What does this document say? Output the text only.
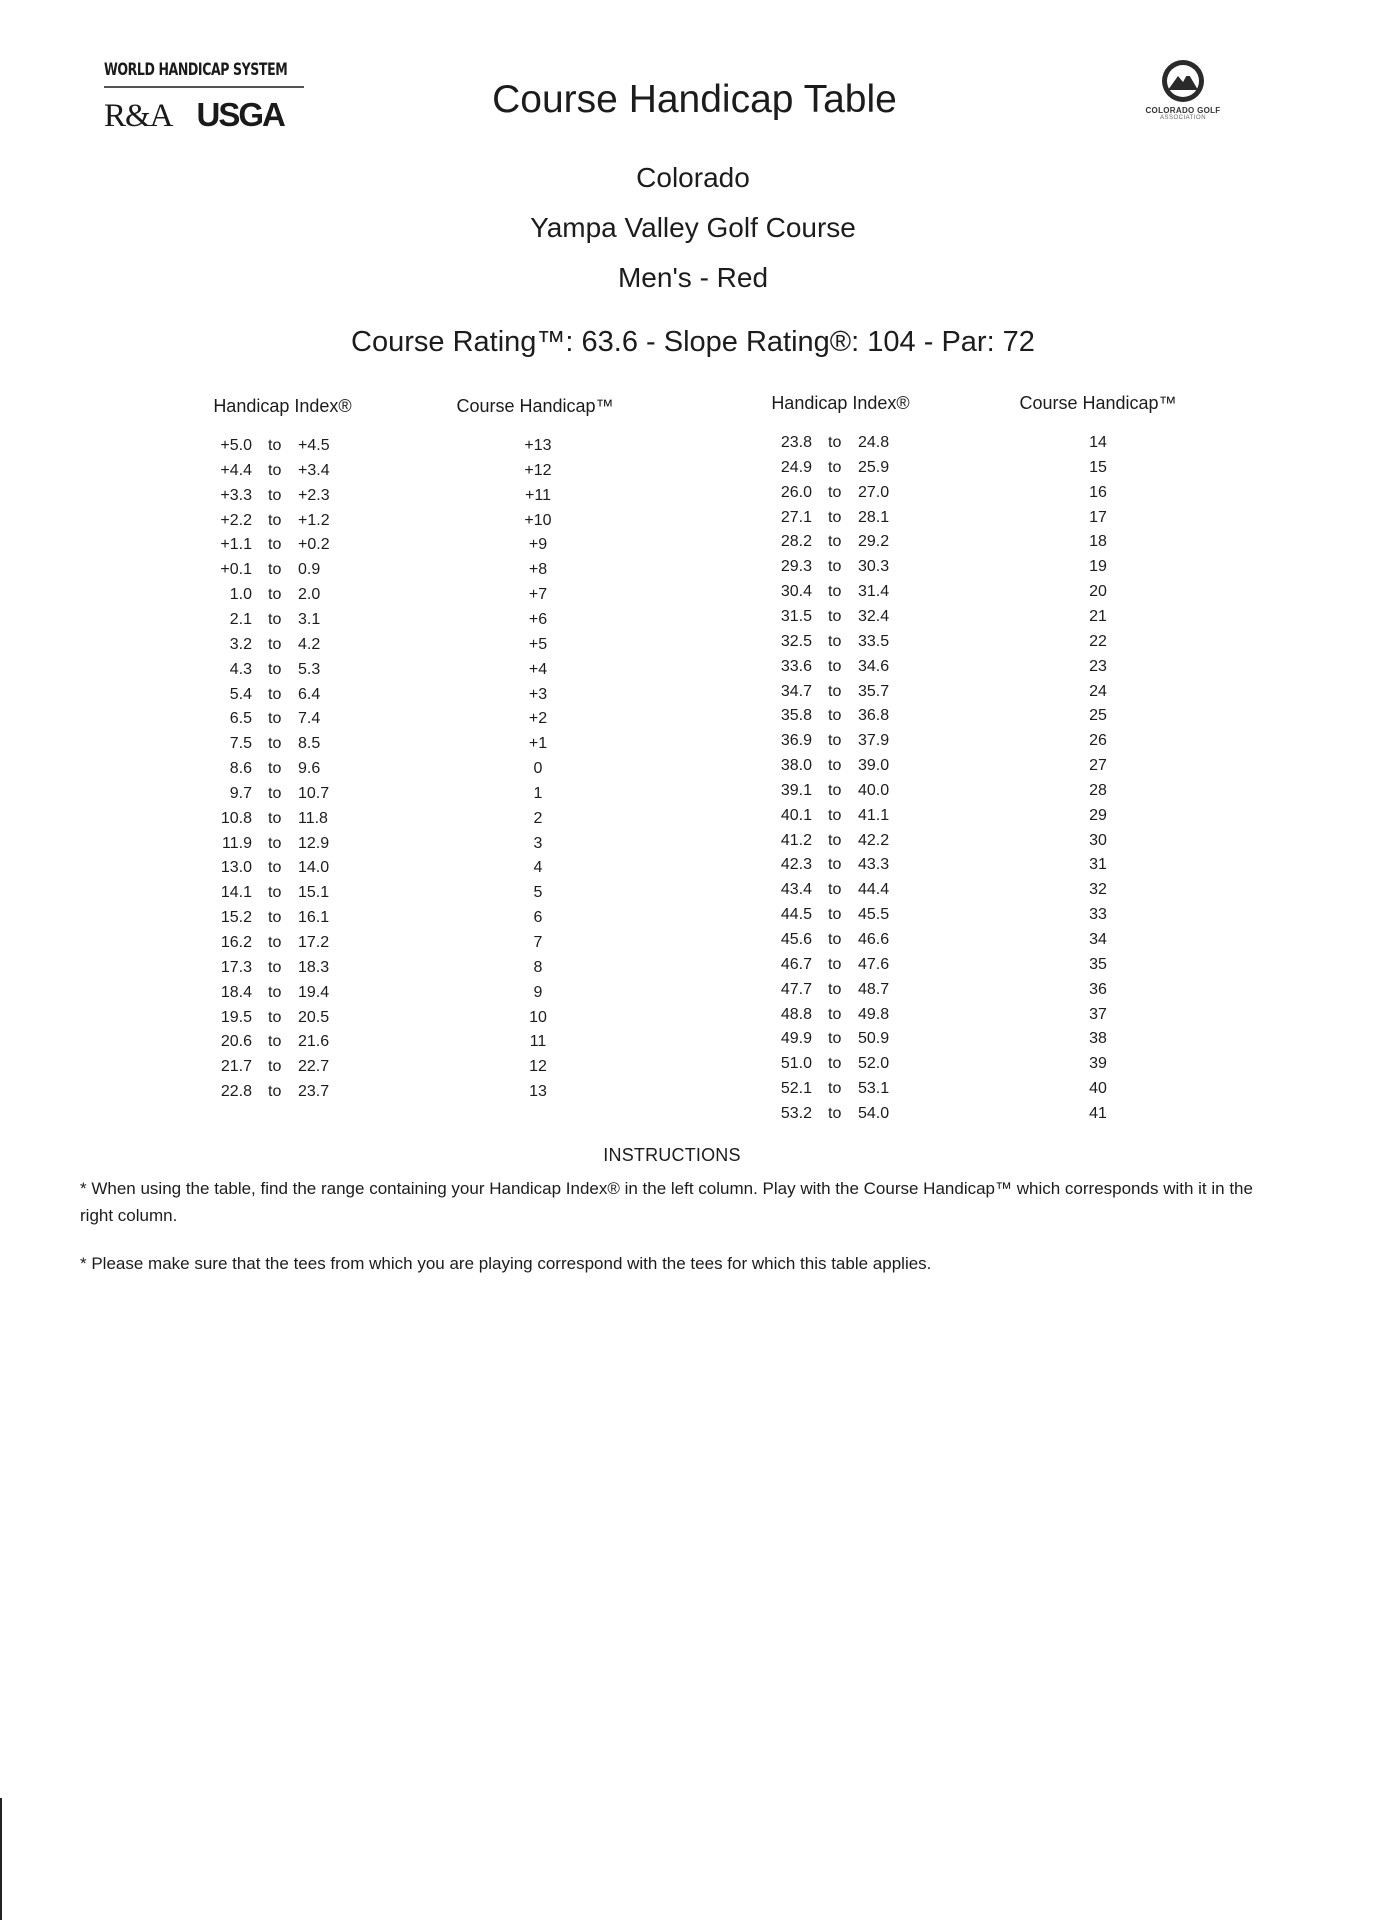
WORLD HANDICAP SYSTEM
R&A USGA	Course Handicap Table	COLORADO GOLF
ASSOCIATION
Colorado
Yampa Valley Golf Course
Men's - Red
Course Rating™: 63.6 - Slope Rating®: 104 - Par: 72
Handicap Index®	Course Handicap™	Handicap Index®	Course Handicap™
+5.0 to	+4.5	+13
+4.4 to	+3.4	+12
+3.3 to	+2.3	+11
+2.2 to	+1.2	+10
+1.1 to	+0.2	+9
+0.1 to	0.9	+8
1.0 to	2.0	+7
2.1 to	3.1	+6
3.2 to	4.2	+5
4.3 to	5.3	+4
5.4 to	6.4	+3
6.5 to	7.4	+2
7.5 to	8.5	+1
8.6 to	9.6	0
9.7 to	10.7	1
10.8 to	11.8	2
11.9 to	12.9	3
13.0 to	14.0	4
14.1 to	15.1	5
15.2 to	16.1	6
16.2 to	17.2	7
17.3 to	18.3	8
18.4 to	19.4	9
19.5 to	20.5	10
20.6 to	21.6	11
21.7 to	22.7	12
22.8 to	23.7	13
23.8 to	24.8	14
24.9 to	25.9	15
26.0 to	27.0	16
27.1 to	28.1	17
28.2 to	29.2	18
29.3 to	30.3	19
30.4 to	31.4	20
31.5 to	32.4	21
32.5 to	33.5	22
33.6 to	34.6	23
34.7 to	35.7	24
35.8 to	36.8	25
36.9 to	37.9	26
38.0 to	39.0	27
39.1 to	40.0	28
40.1 to	41.1	29
41.2 to	42.2	30
42.3 to	43.3	31
43.4 to	44.4	32
44.5 to	45.5	33
45.6 to	46.6	34
46.7 to	47.6	35
47.7 to	48.7	36
48.8 to	49.8	37
49.9 to	50.9	38
51.0 to	52.0	39
52.1 to	53.1	40
53.2 to	54.0	41
INSTRUCTIONS
* When using the table, find the range containing your Handicap Index® in the left column. Play with the Course Handicap™ which corresponds with it in the right column.
* Please make sure that the tees from which you are playing correspond with the tees for which this table applies.
